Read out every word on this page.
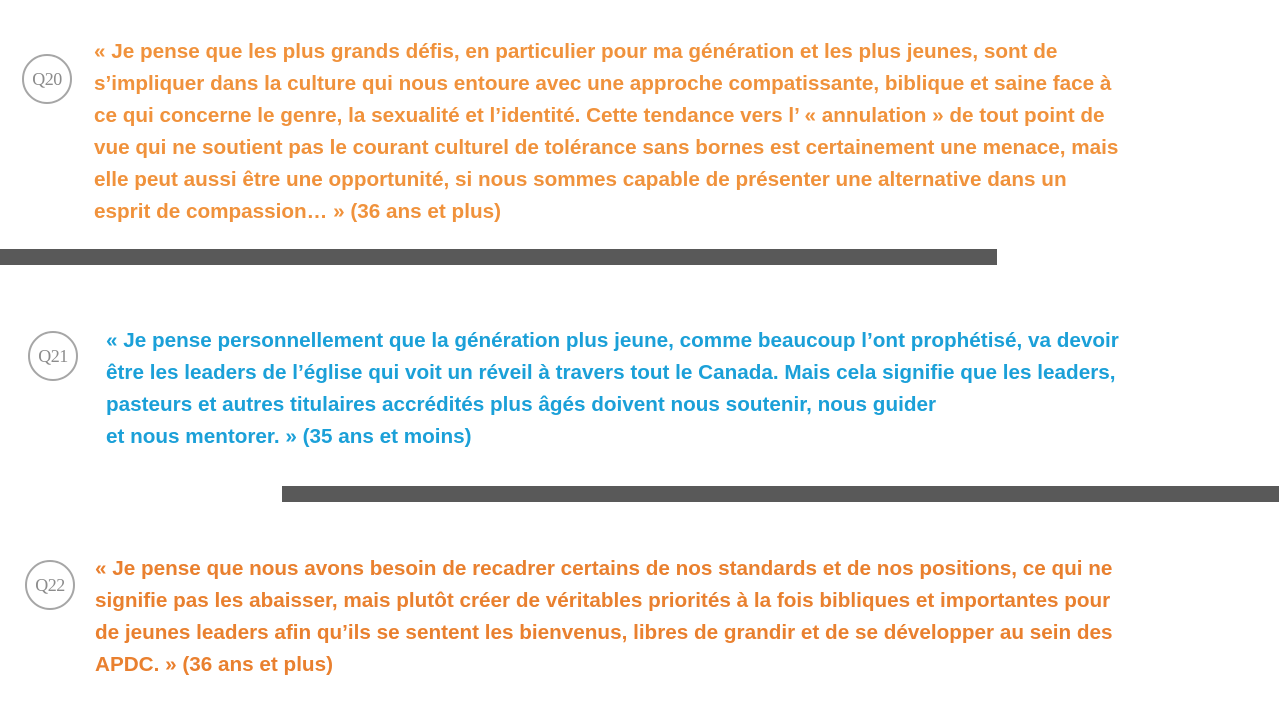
Q20

« Je pense que les plus grands défis, en particulier pour ma génération et les plus jeunes, sont de
s’impliquer dans la culture qui nous entoure avec une approche compatissante, biblique et saine face à
ce qui concerne le genre, la sexualité et l’identité. Cette tendance vers l’ « annulation » de tout point de
vue qui ne soutient pas le courant culturel de tolérance sans bornes est certainement une menace, mais
elle peut aussi être une opportunité, si nous sommes capable de présenter une alternative dans un
esprit de compassion… » (36 ans et plus)

Q21

« Je pense personnellement que la génération plus jeune, comme beaucoup l’ont prophétisé, va devoir
être les leaders de l’église qui voit un réveil à travers tout le Canada. Mais cela signifie que les leaders,
pasteurs et autres titulaires accrédités plus âgés doivent nous soutenir, nous guider
et nous mentorer. » (35 ans et moins)

Q22

« Je pense que nous avons besoin de recadrer certains de nos standards et de nos positions, ce qui ne
signifie pas les abaisser, mais plutôt créer de véritables priorités à la fois bibliques et importantes pour
de jeunes leaders afin qu’ils se sentent les bienvenus, libres de grandir et de se développer au sein des
APDC. » (36 ans et plus)
